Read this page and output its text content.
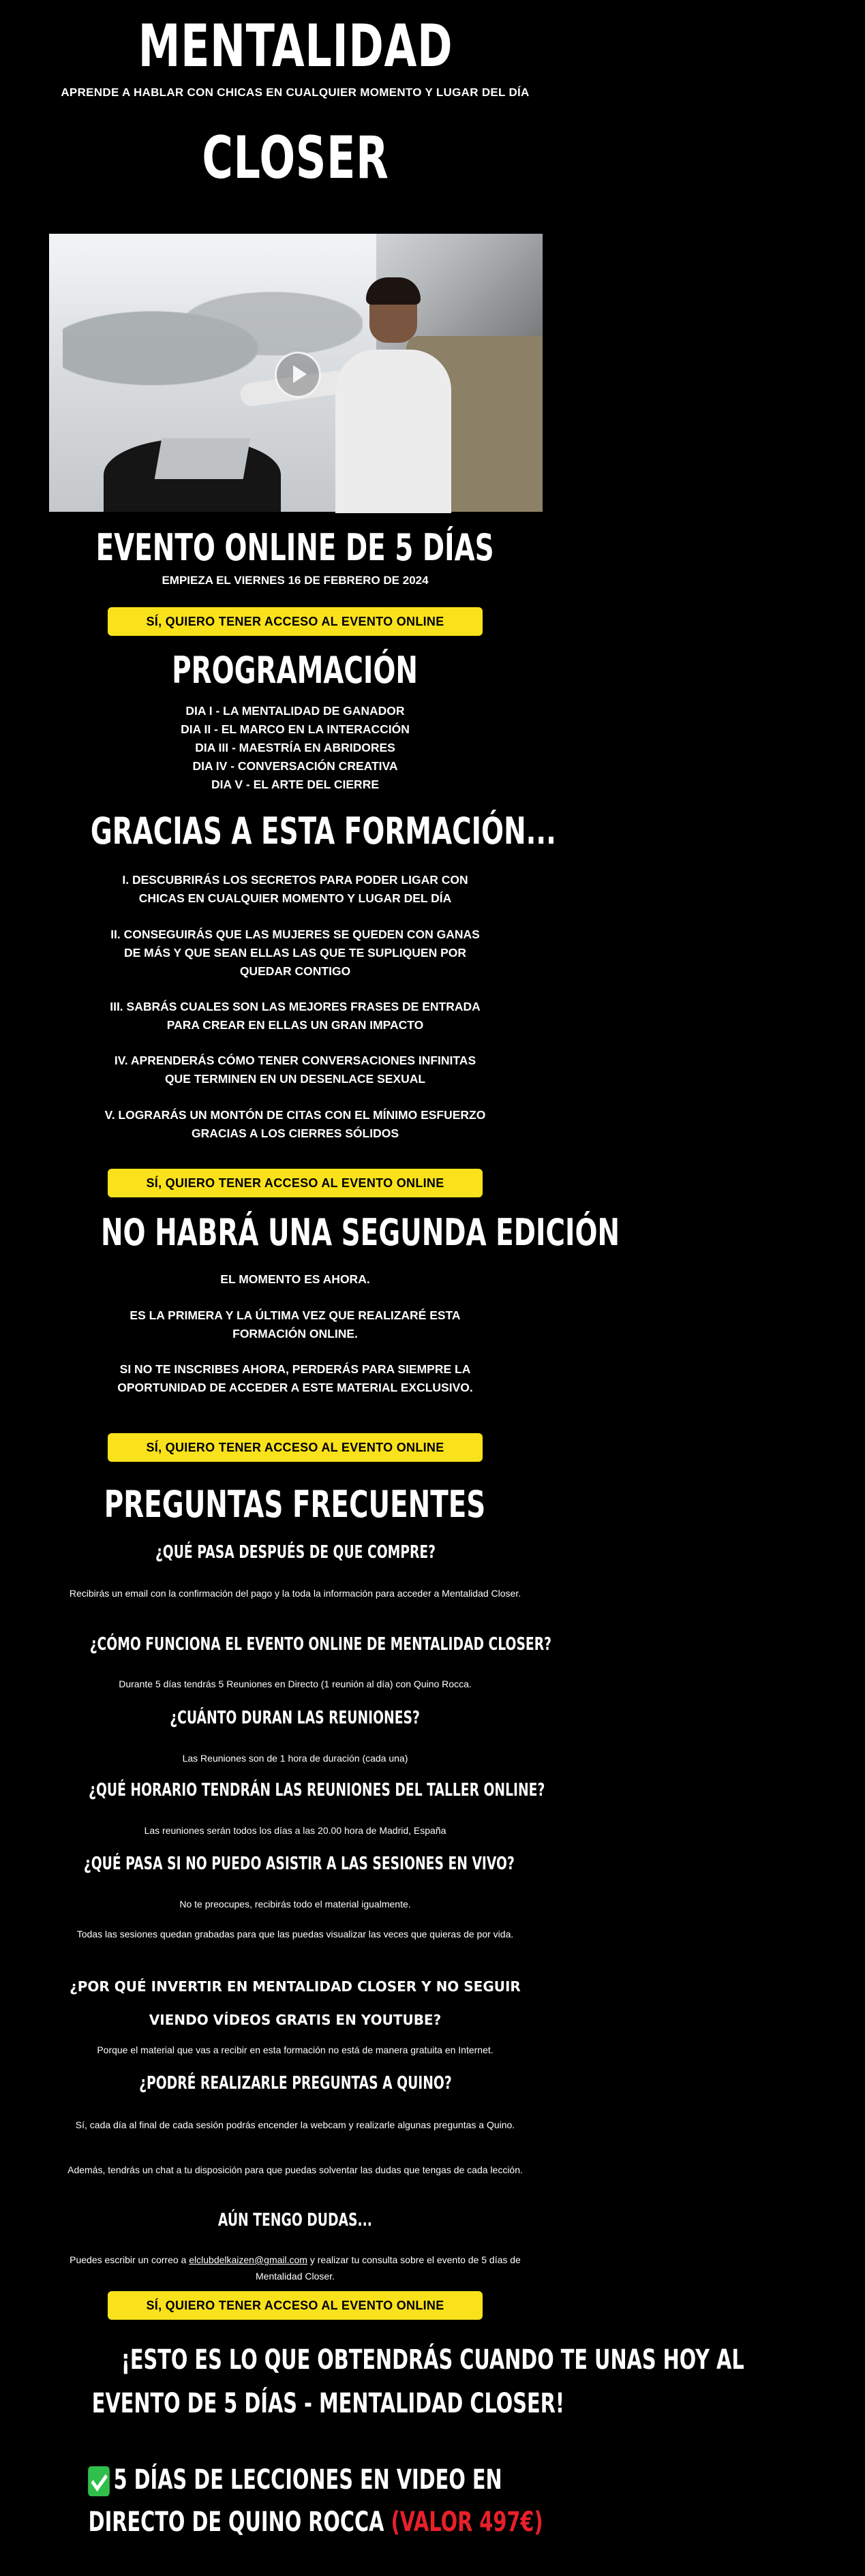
MENTALIDAD
APRENDE A HABLAR CON CHICAS EN CUALQUIER MOMENTO Y LUGAR DEL DÍA
CLOSER
EVENTO ONLINE DE 5 DÍAS
EMPIEZA EL VIERNES 16 DE FEBRERO DE 2024
SÍ, QUIERO TENER ACCESO AL EVENTO ONLINE
PROGRAMACIÓN
DIA I - LA MENTALIDAD DE GANADOR
DIA II - EL MARCO EN LA INTERACCIÓN
DIA III - MAESTRÍA EN ABRIDORES
DIA IV - CONVERSACIÓN CREATIVA
DIA V - EL ARTE DEL CIERRE
GRACIAS A ESTA FORMACIÓN...
I. DESCUBRIRÁS LOS SECRETOS PARA PODER LIGAR CON CHICAS EN CUALQUIER MOMENTO Y LUGAR DEL DÍA
II. CONSEGUIRÁS QUE LAS MUJERES SE QUEDEN CON GANAS DE MÁS Y QUE SEAN ELLAS LAS QUE TE SUPLIQUEN POR QUEDAR CONTIGO
III. SABRÁS CUALES SON LAS MEJORES FRASES DE ENTRADA PARA CREAR EN ELLAS UN GRAN IMPACTO
IV. APRENDERÁS CÓMO TENER CONVERSACIONES INFINITAS QUE TERMINEN EN UN DESENLACE SEXUAL
V. LOGRARÁS UN MONTÓN DE CITAS CON EL MÍNIMO ESFUERZO GRACIAS A LOS CIERRES SÓLIDOS
SÍ, QUIERO TENER ACCESO AL EVENTO ONLINE
NO HABRÁ UNA SEGUNDA EDICIÓN
EL MOMENTO ES AHORA.
ES LA PRIMERA Y LA ÚLTIMA VEZ QUE REALIZARÉ ESTA FORMACIÓN ONLINE.
SI NO TE INSCRIBES AHORA, PERDERÁS PARA SIEMPRE LA OPORTUNIDAD DE ACCEDER A ESTE MATERIAL EXCLUSIVO.
SÍ, QUIERO TENER ACCESO AL EVENTO ONLINE
PREGUNTAS FRECUENTES
¿QUÉ PASA DESPUÉS DE QUE COMPRE?
Recibirás un email con la confirmación del pago y la toda la información para acceder a Mentalidad Closer.
¿CÓMO FUNCIONA EL EVENTO ONLINE DE MENTALIDAD CLOSER?
Durante 5 días tendrás 5 Reuniones en Directo (1 reunión al día) con Quino Rocca.
¿CUÁNTO DURAN LAS REUNIONES?
Las Reuniones son de 1 hora de duración (cada una)
¿QUÉ HORARIO TENDRÁN LAS REUNIONES DEL TALLER ONLINE?
Las reuniones serán todos los días a las 20.00 hora de Madrid, España
¿QUÉ PASA SI NO PUEDO ASISTIR A LAS SESIONES EN VIVO?
No te preocupes, recibirás todo el material igualmente.
Todas las sesiones quedan grabadas para que las puedas visualizar las veces que quieras de por vida.
¿POR QUÉ INVERTIR EN MENTALIDAD CLOSER Y NO SEGUIR VIENDO VÍDEOS GRATIS EN YOUTUBE?
Porque el material que vas a recibir en esta formación no está de manera gratuita en Internet.
¿PODRÉ REALIZARLE PREGUNTAS A QUINO?
Sí, cada día al final de cada sesión podrás encender la webcam y realizarle algunas preguntas a Quino.
Además, tendrás un chat a tu disposición para que puedas solventar las dudas que tengas de cada lección.
AÚN TENGO DUDAS...
Puedes escribir un correo a elclubdelkaizen@gmail.com y realizar tu consulta sobre el evento de 5 días de Mentalidad Closer.
SÍ, QUIERO TENER ACCESO AL EVENTO ONLINE
¡ESTO ES LO QUE OBTENDRÁS CUANDO TE UNAS HOY AL
EVENTO DE 5 DÍAS - MENTALIDAD CLOSER!
5 DÍAS DE LECCIONES EN VIDEO EN
DIRECTO DE QUINO ROCCA (VALOR 497€)
